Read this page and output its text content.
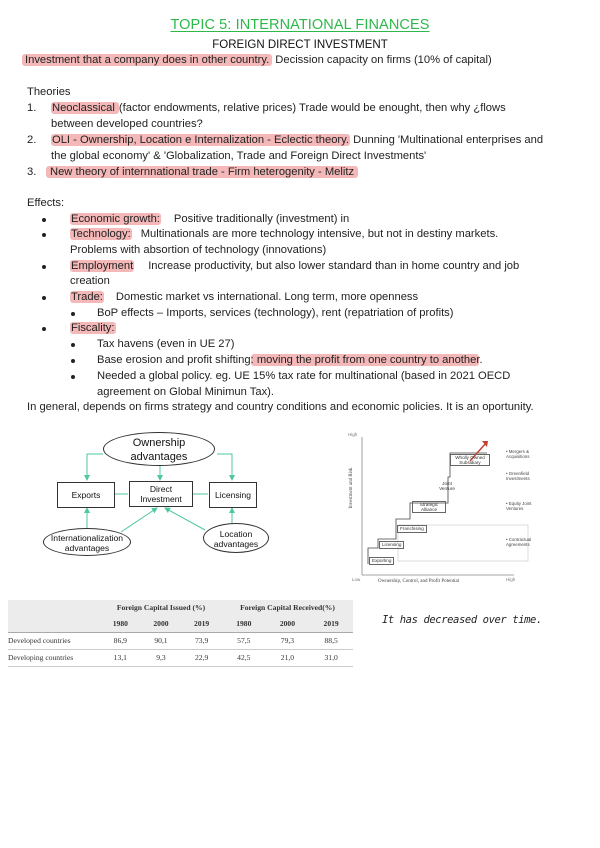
TOPIC 5: INTERNATIONAL FINANCES
FOREIGN DIRECT INVESTMENT
Investment that a company does in other country. Decission capacity on firms (10% of capital)
Theories
1. Neoclassical (factor endowments, relative prices) Trade would be enought, then why ¿flows
between developed countries?
2. OLI - Ownership, Location e Internalization - Eclectic theory. Dunning 'Multinational enterprises and
the global economy' & 'Globalization, Trade and Foreign Direct Investments'
3.	New theory of internnational trade - Firm heterogenity - Melitz
Effects:
Economic growth: Positive traditionally (investment) in
Technology: Multinationals are more technology intensive, but not in destiny markets.
Problems with absortion of technology (innovations)
Employment Increase productivity, but also lower standard than in home country and job
creation
Trade: Domestic market vs international. Long term, more openness
BoP effects – Imports, services (technology), rent (repatriation of profits)
Fiscality:
Tax havens (even in UE 27)
Base erosion and profit shifting: moving the profit from one country to another.
Needed a global policy. eg. UE 15% tax rate for multinational (based in 2021 OECD
agreement on Global Minimun Tax).
In general, depends on firms strategy and country conditions and economic policies. It is an oportunity.
Ownership
advantages
Exports
Direct
Investment	Licensing
Internationalization
advantages
Location
advantages
Investment and Risk
High
Low	High
Ownership, Control, and Profit Potential
Exporting
Licensing
Franchising
Strategic Alliance
Joint Venture
Wholly Owned Subsidiary
• Mergers &
Acquisitions
• Greenfield
Investments
• Equity Joint
Ventures
• Contractual
Agreements
	Foreign Capital Issued (%)			Foreign Capital Received(%)		
	1980	2000	2019	1980	2000	2019
Developed countries	86,9	90,1	73,9	57,5	79,3	88,5
Developing countries	13,1	9,3	22,9	42,5	21,0	31,0
It has decreased over time.
